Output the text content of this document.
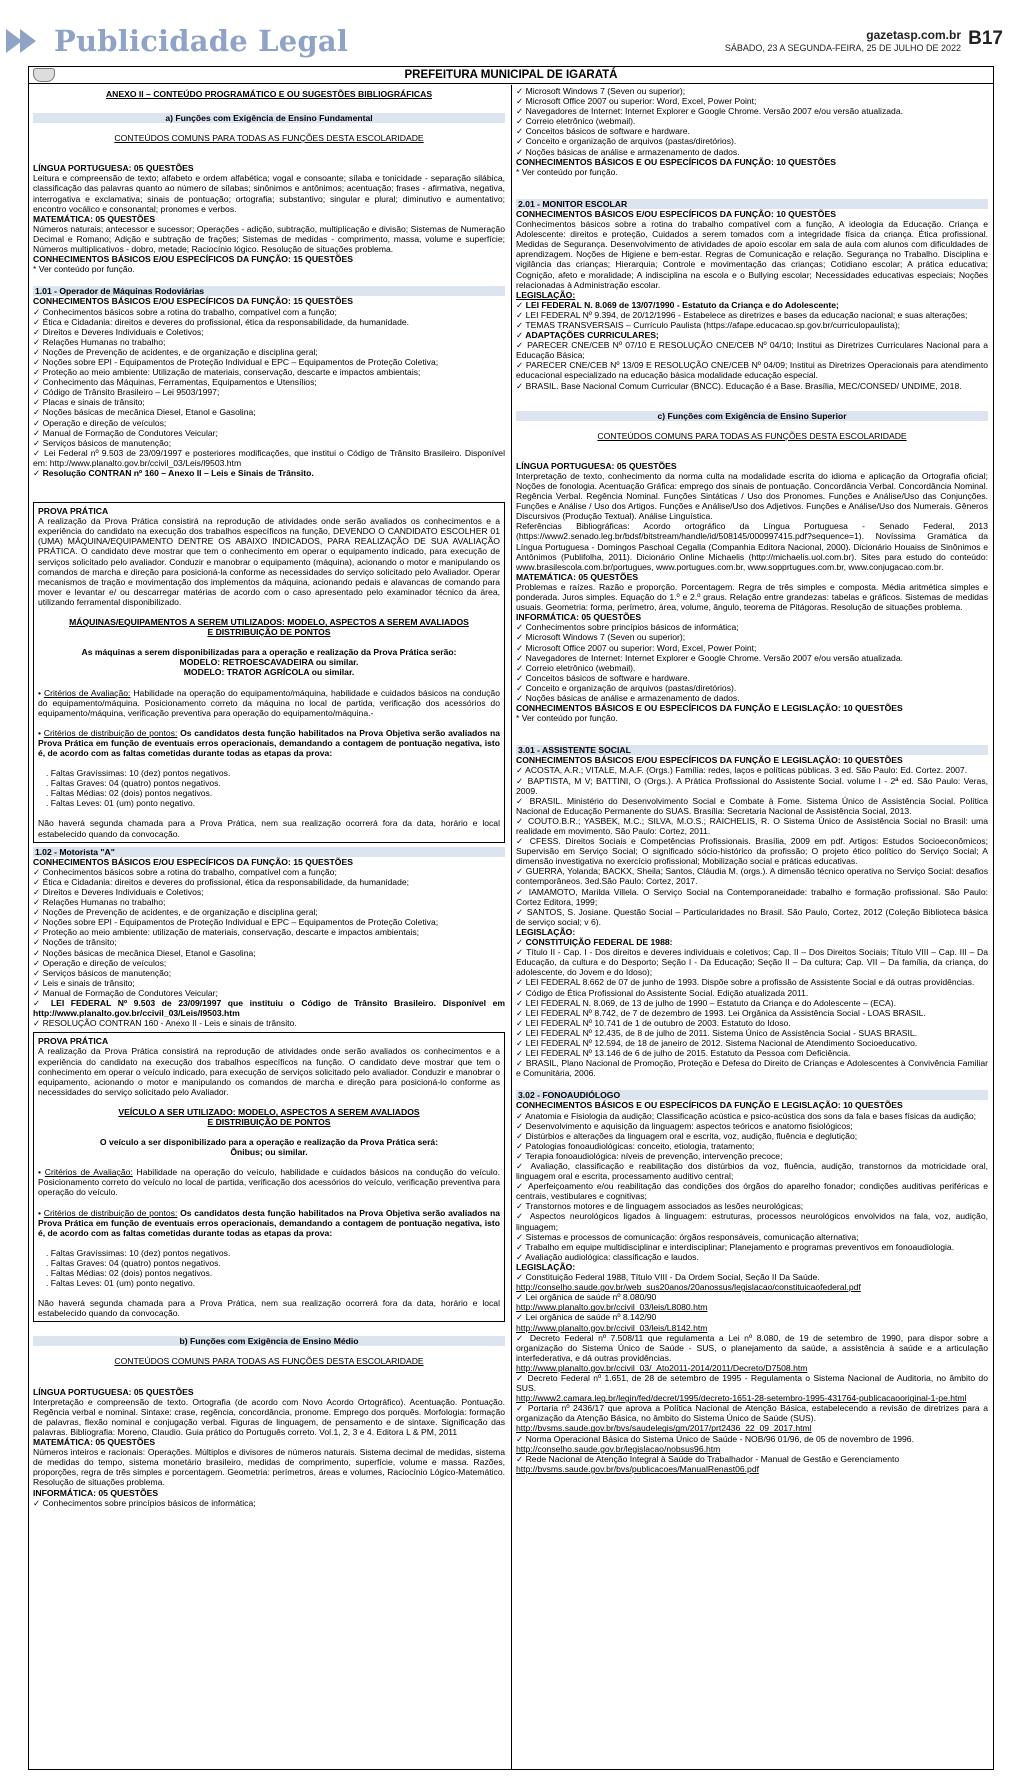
Publicidade Legal	gazetasp.com.br
SÁBADO, 23 A SEGUNDA-FEIRA, 25 DE JULHO DE 2022 B17
PREFEITURA MUNICIPAL DE IGARATÁ

ANEXO II – CONTEÚDO PROGRAMÁTICO E OU SUGESTÕES BIBLIOGRÁFICAS

a) Funções com Exigência de Ensino Fundamental

CONTEÚDOS COMUNS PARA TODAS AS FUNÇÕES DESTA ESCOLARIDADE

LÍNGUA PORTUGUESA: 05 QUESTÕES

Leitura e compreensão de texto; alfabeto e ordem alfabética; vogal e consoante; sílaba e tonicidade - separação silábica, classificação das palavras quanto ao número de sílabas; sinônimos e antônimos; acentuação; frases - afirmativa, negativa, interrogativa e exclamativa; sinais de pontuação; ortografia; substantivo; singular e plural; diminutivo e aumentativo; encontro vocálico e consonantal; pronomes e verbos.

MATEMÁTICA: 05 QUESTÕES

Números naturais; antecessor e sucessor; Operações - adição, subtração, multiplicação e divisão; Sistemas de Numeração Decimal e Romano; Adição e subtração de frações; Sistemas de medidas - comprimento, massa, volume e superfície; Números multiplicativos - dobro, metade; Raciocínio lógico. Resolução de situações problema.

CONHECIMENTOS BÁSICOS E/OU ESPECÍFICOS DA FUNÇÃO: 15 QUESTÕES

* Ver conteúdo por função.

1.01 - Operador de Máquinas Rodoviárias

CONHECIMENTOS BÁSICOS E/OU ESPECÍFICOS DA FUNÇÃO: 15 QUESTÕES

✓ Conhecimentos básicos sobre a rotina do trabalho, compatível com a função;

✓ Ética e Cidadania: direitos e deveres do profissional, ética da responsabilidade, da humanidade.

✓ Direitos e Deveres Individuais e Coletivos;

✓ Relações Humanas no trabalho;

✓ Noções de Prevenção de acidentes, e de organização e disciplina geral;

✓ Noções sobre EPI - Equipamentos de Proteção Individual e EPC – Equipamentos de Proteção Coletiva;

✓ Proteção ao meio ambiente: Utilização de materiais, conservação, descarte e impactos ambientais;

✓ Conhecimento das Máquinas, Ferramentas, Equipamentos e Utensílios;

✓ Código de Trânsito Brasileiro – Lei 9503/1997;

✓ Placas e sinais de trânsito;

✓ Noções básicas de mecânica Diesel, Etanol e Gasolina;

✓ Operação e direção de veículos;

✓ Manual de Formação de Condutores Veicular;

✓ Serviços básicos de manutenção;

✓ Lei Federal nº 9.503 de 23/09/1997 e posteriores modificações, que institui o Código de Trânsito Brasileiro. Disponível em: http://www.planalto.gov.br/ccivil_03/Leis/l9503.htm

✓ Resolução CONTRAN nº 160 – Anexo II – Leis e Sinais de Trânsito.

PROVA PRÁTICA

A realização da Prova Prática consistirá na reprodução de atividades onde serão avaliados os conhecimentos e a experiência do candidato na execução dos trabalhos específicos na função, DEVENDO O CANDIDATO ESCOLHER 01 (UMA) MÁQUINA/EQUIPAMENTO DENTRE OS ABAIXO INDICADOS, PARA REALIZAÇÃO DE SUA AVALIAÇÃO PRÁTICA. O candidato deve mostrar que tem o conhecimento em operar o equipamento indicado, para execução de serviços solicitado pelo avaliador. Conduzir e manobrar o equipamento (máquina), acionando o motor e manipulando os comandos de marcha e direção para posicioná-la conforme as necessidades do serviço solicitado pelo Avaliador. Operar mecanismos de tração e movimentação dos implementos da máquina, acionando pedais e alavancas de comando para mover e levantar e/ ou descarregar matérias de acordo com o caso apresentado pelo examinador técnico da área, utilizando ferramental disponibilizado.

MÁQUINAS/EQUIPAMENTOS A SEREM UTILIZADOS: MODELO, ASPECTOS A SEREM AVALIADOS

E DISTRIBUIÇÃO DE PONTOS

As máquinas a serem disponibilizadas para a operação e realização da Prova Prática serão:

MODELO: RETROESCAVADEIRA ou similar.

MODELO: TRATOR AGRÍCOLA ou similar.

• Critérios de Avaliação: Habilidade na operação do equipamento/máquina, habilidade e cuidados básicos na condução do equipamento/máquina. Posicionamento correto da máquina no local de partida, verificação dos acessórios do equipamento/máquina, verificação preventiva para operação do equipamento/máquina.-

• Critérios de distribuição de pontos: Os candidatos desta função habilitados na Prova Objetiva serão avaliados na Prova Prática em função de eventuais erros operacionais, demandando a contagem de pontuação negativa, isto é, de acordo com as faltas cometidas durante todas as etapas da prova:

. Faltas Gravíssimas: 10 (dez) pontos negativos.

. Faltas Graves: 04 (quatro) pontos negativos.

. Faltas Médias: 02 (dois) pontos negativos.

. Faltas Leves: 01 (um) ponto negativo.

Não haverá segunda chamada para a Prova Prática, nem sua realização ocorrerá fora da data, horário e local estabelecido quando da convocação.

1.02 - Motorista "A"

CONHECIMENTOS BÁSICOS E/OU ESPECÍFICOS DA FUNÇÃO: 15 QUESTÕES

✓ Conhecimentos básicos sobre a rotina do trabalho, compatível com a função;

✓ Ética e Cidadania: direitos e deveres do profissional, ética da responsabilidade, da humanidade;

✓ Direitos e Deveres Individuais e Coletivos;

✓ Relações Humanas no trabalho;

✓ Noções de Prevenção de acidentes, e de organização e disciplina geral;

✓ Noções sobre EPI - Equipamentos de Proteção Individual e EPC – Equipamentos de Proteção Coletiva;

✓ Proteção ao meio ambiente: utilização de materiais, conservação, descarte e impactos ambientais;

✓ Noções de trânsito;

✓ Noções básicas de mecânica Diesel, Etanol e Gasolina;

✓ Operação e direção de veículos;

✓ Serviços básicos de manutenção;

✓ Leis e sinais de trânsito;

✓ Manual de Formação de Condutores Veicular;

✓ LEI FEDERAL Nº 9.503 de 23/09/1997 que instituiu o Código de Trânsito Brasileiro. Disponível em http://www.planalto.gov.br/ccivil_03/Leis/l9503.htm

✓ RESOLUÇÃO CONTRAN 160 - Anexo II - Leis e sinais de trânsito.

PROVA PRÁTICA

A realização da Prova Prática consistirá na reprodução de atividades onde serão avaliados os conhecimentos e a experiência do candidato na execução dos trabalhos específicos na função. O candidato deve mostrar que tem o conhecimento em operar o veículo indicado, para execução de serviços solicitado pelo avaliador. Conduzir e manobrar o equipamento, acionando o motor e manipulando os comandos de marcha e direção para posicioná-lo conforme as necessidades do serviço solicitado pelo Avaliador.

VEÍCULO A SER UTILIZADO: MODELO, ASPECTOS A SEREM AVALIADOS

E DISTRIBUIÇÃO DE PONTOS

O veículo a ser disponibilizado para a operação e realização da Prova Prática será:

Ônibus; ou similar.

• Critérios de Avaliação: Habilidade na operação do veículo, habilidade e cuidados básicos na condução do veículo. Posicionamento correto do veículo no local de partida, verificação dos acessórios do veículo, verificação preventiva para operação do veículo.

• Critérios de distribuição de pontos: Os candidatos desta função habilitados na Prova Objetiva serão avaliados na Prova Prática em função de eventuais erros operacionais, demandando a contagem de pontuação negativa, isto é, de acordo com as faltas cometidas durante todas as etapas da prova:

. Faltas Gravíssimas: 10 (dez) pontos negativos.

. Faltas Graves: 04 (quatro) pontos negativos.

. Faltas Médias: 02 (dois) pontos negativos.

. Faltas Leves: 01 (um) ponto negativo.

Não haverá segunda chamada para a Prova Prática, nem sua realização ocorrerá fora da data, horário e local estabelecido quando da convocação.

b) Funções com Exigência de Ensino Médio

CONTEÚDOS COMUNS PARA TODAS AS FUNÇÕES DESTA ESCOLARIDADE

LÍNGUA PORTUGUESA: 05 QUESTÕES

Interpretação e compreensão de texto. Ortografia (de acordo com Novo Acordo Ortográfico). Acentuação. Pontuação. Regência verbal e nominal. Sintaxe: crase, regência, concordância, pronome. Emprego dos porquês. Morfologia: formação de palavras, flexão nominal e conjugação verbal. Figuras de linguagem, de pensamento e de sintaxe. Significação das palavras. Bibliografia: Moreno, Claudio. Guia prático do Português correto. Vol.1, 2, 3 e 4. Editora L & PM, 2011

MATEMÁTICA: 05 QUESTÕES

Números inteiros e racionais: Operações. Múltiplos e divisores de números naturais. Sistema decimal de medidas, sistema de medidas do tempo, sistema monetário brasileiro, medidas de comprimento, superfície, volume e massa. Razões, proporções, regra de três simples e porcentagem. Geometria: perímetros, áreas e volumes, Raciocínio Lógico-Matemático. Resolução de situações problema.

INFORMÁTICA: 05 QUESTÕES

✓ Conhecimentos sobre princípios básicos de informática;

✓ Microsoft Windows 7 (Seven ou superior);

✓ Microsoft Office 2007 ou superior: Word, Excel, Power Point;

✓ Navegadores de Internet: Internet Explorer e Google Chrome. Versão 2007 e/ou versão atualizada.

✓ Correio eletrônico (webmail).

✓ Conceitos básicos de software e hardware.

✓ Conceito e organização de arquivos (pastas/diretórios).

✓ Noções básicas de análise e armazenamento de dados.

CONHECIMENTOS BÁSICOS E OU ESPECÍFICOS DA FUNÇÃO: 10 QUESTÕES

* Ver conteúdo por função.

2.01 - MONITOR ESCOLAR

CONHECIMENTOS BÁSICOS E/OU ESPECÍFICOS DA FUNÇÃO: 10 QUESTÕES

Conhecimentos básicos sobre a rotina do trabalho compatível com a função, A ideologia da Educação. Criança e Adolescente: direitos e proteção, Cuidados a serem tomados com a integridade física da criança. Ética profissional. Medidas de Segurança. Desenvolvimento de atividades de apoio escolar em sala de aula com alunos com dificuldades de aprendizagem. Noções de Higiene e bem-estar. Regras de Comunicação e relação. Segurança no Trabalho. Disciplina e vigilância das crianças; Hierarquia; Controle e movimentação das crianças; Cotidiano escolar; A prática educativa; Cognição, afeto e moralidade; A indisciplina na escola e o Bullying escolar; Necessidades educativas especiais; Noções relacionadas à Administração escolar.

LEGISLAÇÃO:

✓ LEI FEDERAL N. 8.069 de 13/07/1990 - Estatuto da Criança e do Adolescente;

✓ LEI FEDERAL Nº 9.394, de 20/12/1996 - Estabelece as diretrizes e bases da educação nacional; e suas alterações;

✓ TEMAS TRANSVERSAIS – Currículo Paulista (https://afape.educacao.sp.gov.br/curriculopaulista);

✓ ADAPTAÇÕES CURRICULARES;

✓ PARECER CNE/CEB Nº 07/10 E RESOLUÇÃO CNE/CEB Nº 04/10; Institui as Diretrizes Curriculares Nacional para a Educação Básica;

✓ PARECER CNE/CEB Nº 13/09 E RESOLUÇÃO CNE/CEB Nº 04/09; Institui as Diretrizes Operacionais para atendimento educacional especializado na educação básica modalidade educação especial.

✓ BRASIL. Base Nacional Comum Curricular (BNCC). Educação é a Base. Brasília, MEC/CONSED/ UNDIME, 2018.

c) Funções com Exigência de Ensino Superior

CONTEÚDOS COMUNS PARA TODAS AS FUNÇÕES DESTA ESCOLARIDADE

LÍNGUA PORTUGUESA: 05 QUESTÕES

Interpretação de texto, conhecimento da norma culta na modalidade escrita do idioma e aplicação da Ortografia oficial; Noções de fonologia. Acentuação Gráfica: emprego dos sinais de pontuação. Concordância Verbal. Concordância Nominal. Regência Verbal. Regência Nominal. Funções Sintáticas / Uso dos Pronomes. Funções e Análise/Uso das Conjunções. Funções e Análise / Uso dos Artigos. Funções e Análise/Uso dos Adjetivos. Funções e Análise/Uso dos Numerais. Gêneros Discursivos (Produção Textual). Análise Linguística.

Referências Bibliográficas: Acordo ortográfico da Língua Portuguesa - Senado Federal, 2013 (https://www2.senado.leg.br/bdsf/bitstream/handle/id/508145/000997415.pdf?sequence=1). Novíssima Gramática da Língua Portuguesa - Domingos Paschoal Cegalla (Companhia Editora Nacional, 2000). Dicionário Houaiss de Sinônimos e Antônimos (Publifolha, 2011). Dicionário Online Michaelis (http://michaelis.uol.com.br). Sites para estudo do conteúdo: www.brasilescola.com.br/portugues, www.portugues.com.br, www.sopprtugues.com.br, www.conjugacao.com.br.

MATEMÁTICA: 05 QUESTÕES

Problemas e raízes. Razão e proporção. Porcentagem. Regra de três simples e composta. Média aritmética simples e ponderada. Juros simples. Equação do 1.º e 2.º graus. Relação entre grandezas: tabelas e gráficos. Sistemas de medidas usuais. Geometria: forma, perímetro, área, volume, ângulo, teorema de Pitágoras. Resolução de situações problema.

INFORMÁTICA: 05 QUESTÕES

✓ Conhecimentos sobre princípios básicos de informática;

✓ Microsoft Windows 7 (Seven ou superior);

✓ Microsoft Office 2007 ou superior: Word, Excel, Power Point;

✓ Navegadores de Internet: Internet Explorer e Google Chrome. Versão 2007 e/ou versão atualizada.

✓ Correio eletrônico (webmail).

✓ Conceitos básicos de software e hardware.

✓ Conceito e organização de arquivos (pastas/diretórios).

✓ Noções básicas de análise e armazenamento de dados.

CONHECIMENTOS BÁSICOS E OU ESPECÍFICOS DA FUNÇÃO E LEGISLAÇÃO: 10 QUESTÕES

* Ver conteúdo por função.

3.01 - ASSISTENTE SOCIAL

CONHECIMENTOS BÁSICOS E/OU ESPECÍFICOS DA FUNÇÃO E LEGISLAÇÃO: 10 QUESTÕES

✓ ACOSTA, A.R.; VITALE, M.A.F. (Orgs.) Família: redes, laços e políticas públicas. 3 ed. São Paulo: Ed. Cortez. 2007.

✓ BAPTISTA, M V; BATTINI, O (Orgs.). A Prática Profissional do Assistente Social. volume I - 2ª ed. São Paulo: Veras, 2009.

✓ BRASIL. Ministério do Desenvolvimento Social e Combate à Fome. Sistema Único de Assistência Social. Política Nacional de Educação Permanente do SUAS. Brasília: Secretaria Nacional de Assistência Social, 2013.

✓ COUTO.B.R.; YASBEK, M.C.; SILVA, M.O.S.; RAICHELIS, R. O Sistema Único de Assistência Social no Brasil: uma realidade em movimento. São Paulo: Cortez, 2011.

✓ CFESS. Direitos Sociais e Competências Profissionais. Brasília, 2009 em pdf. Artigos: Estudos Socioeconômicos; Supervisão em Serviço Social; O significado sócio-histórico da profissão; O projeto ético político do Serviço Social; A dimensão investigativa no exercício profissional; Mobilização social e práticas educativas.

✓ GUERRA, Yolanda; BACKX, Sheila; Santos, Cláudia M. (orgs.). A dimensão técnico operativa no Serviço Social: desafios contemporâneos. 3ed.São Paulo: Cortez, 2017.

✓ IAMAMOTO, Marilda Villela. O Serviço Social na Contemporaneidade: trabalho e formação profissional. São Paulo: Cortez Editora, 1999;

✓ SANTOS, S. Josiane. Questão Social – Particularidades no Brasil. São Paulo, Cortez, 2012 (Coleção Biblioteca básica de serviço social; v 6).

LEGISLAÇÃO:

✓ CONSTITUIÇÃO FEDERAL DE 1988:

✓ Título II - Cap. I - Dos direitos e deveres individuais e coletivos; Cap. II – Dos Direitos Sociais; Título VIII – Cap. III – Da Educação, da cultura e do Desporto; Seção I - Da Educação; Seção II – Da cultura; Cap. VII – Da família, da criança, do adolescente, do Jovem e do Idoso);

✓ LEI FEDERAL 8.662 de 07 de junho de 1993. Dispõe sobre a profissão de Assistente Social e dá outras providências.

✓ Código de Ética Profissional do Assistente Social. Edição atualizada 2011.

✓ LEI FEDERAL N. 8.069, de 13 de julho de 1990 – Estatuto da Criança e do Adolescente – (ECA).

✓ LEI FEDERAL Nº 8.742, de 7 de dezembro de 1993. Lei Orgânica da Assistência Social - LOAS BRASIL.

✓ LEI FEDERAL Nº 10.741 de 1 de outubro de 2003. Estatuto do Idoso.

✓ LEI FEDERAL Nº 12.435, de 8 de julho de 2011. Sistema Único de Assistência Social - SUAS BRASIL.

✓ LEI FEDERAL Nº 12.594, de 18 de janeiro de 2012. Sistema Nacional de Atendimento Socioeducativo.

✓ LEI FEDERAL Nº 13.146 de 6 de julho de 2015. Estatuto da Pessoa com Deficiência.

✓ BRASIL, Plano Nacional de Promoção, Proteção e Defesa do Direito de Crianças e Adolescentes à Convivência Familiar e Comunitária, 2006.

3.02 - FONOAUDIÓLOGO

CONHECIMENTOS BÁSICOS E OU ESPECÍFICOS DA FUNÇÃO E LEGISLAÇÃO: 10 QUESTÕES

✓ Anatomia e Fisiologia da audição; Classificação acústica e psico-acústica dos sons da fala e bases físicas da audição;

✓ Desenvolvimento e aquisição da linguagem: aspectos teóricos e anatomo fisiológicos;

✓ Distúrbios e alterações da linguagem oral e escrita, voz, audição, fluência e deglutição;

✓ Patologias fonoaudiológicas: conceito, etiologia, tratamento;

✓ Terapia fonoaudiológica: níveis de prevenção, intervenção precoce;

✓ Avaliação, classificação e reabilitação dos distúrbios da voz, fluência, audição, transtornos da motricidade oral, linguagem oral e escrita, processamento auditivo central;

✓ Aperfeiçoamento e/ou reabilitação das condições dos órgãos do aparelho fonador; condições auditivas periféricas e centrais, vestibulares e cognitivas;

✓ Transtornos motores e de linguagem associados as lesões neurológicas;

✓ Aspectos neurológicos ligados à linguagem: estruturas, processos neurológicos envolvidos na fala, voz, audição, linguagem;

✓ Sistemas e processos de comunicação: órgãos responsáveis, comunicação alternativa;

✓ Trabalho em equipe multidisciplinar e interdisciplinar; Planejamento e programas preventivos em fonoaudiologia.

✓ Avaliação audiológica: classificação e laudos.

LEGISLAÇÃO:

✓ Constituição Federal 1988, Título VIII - Da Ordem Social, Seção II Da Saúde.

http://conselho.saude.gov.br/web_sus20anos/20anossus/legislacao/constituicaofederal.pdf

✓ Lei orgânica de saúde nº 8.080/90

http://www.planalto.gov.br/ccivil_03/leis/L8080.htm

✓ Lei orgânica de saúde nº 8.142/90

http://www.planalto.gov.br/ccivil_03/leis/L8142.htm

✓ Decreto Federal nº 7.508/11 que regulamenta a Lei nº 8.080, de 19 de setembro de 1990, para dispor sobre a organização do Sistema Único de Saúde - SUS, o planejamento da saúde, a assistência à saúde e a articulação interfederativa, e dá outras providências.

http://www.planalto.gov.br/ccivil_03/_Ato2011-2014/2011/Decreto/D7508.htm

✓ Decreto Federal nº 1.651, de 28 de setembro de 1995 - Regulamenta o Sistema Nacional de Auditoria, no âmbito do SUS.

http://www2.camara.leg.br/legin/fed/decret/1995/decreto-1651-28-setembro-1995-431764-publicacaooriginal-1-pe.html

✓ Portaria nº 2436/17 que aprova a Política Nacional de Atenção Básica, estabelecendo a revisão de diretrizes para a organização da Atenção Básica, no âmbito do Sistema Único de Saúde (SUS).

http://bvsms.saude.gov.br/bvs/saudelegis/gm/2017/prt2436_22_09_2017.html

✓ Norma Operacional Básica do Sistema Único de Saúde - NOB/96 01/96, de 05 de novembro de 1996.

http://conselho.saude.gov.br/legislacao/nobsus96.htm

✓ Rede Nacional de Atenção Integral à Saúde do Trabalhador - Manual de Gestão e Gerenciamento

http://bvsms.saude.gov.br/bvs/publicacoes/ManualRenast06.pdf
